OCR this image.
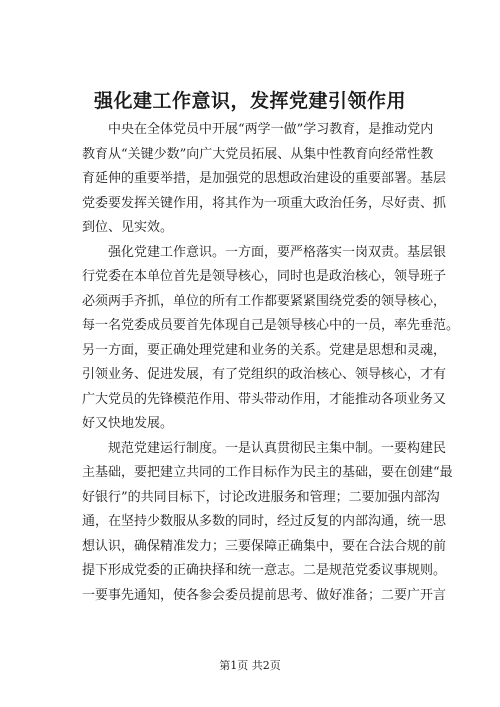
强化建工作意识，发挥党建引领作用

中央在全体党员中开展“两学一做”学习教育，是推动党内
教育从“关键少数”向广大党员拓展、从集中性教育向经常性教
育延伸的重要举措，是加强党的思想政治建设的重要部署。基层
党委要发挥关键作用，将其作为一项重大政治任务，尽好责、抓
到位、见实效。

强化党建工作意识。一方面，要严格落实一岗双责。基层银
行党委在本单位首先是领导核心，同时也是政治核心，领导班子
必须两手齐抓，单位的所有工作都要紧紧围绕党委的领导核心，
每一名党委成员要首先体现自己是领导核心中的一员，率先垂范。
另一方面，要正确处理党建和业务的关系。党建是思想和灵魂，
引领业务、促进发展，有了党组织的政治核心、领导核心，才有
广大党员的先锋模范作用、带头带动作用，才能推动各项业务又
好又快地发展。

规范党建运行制度。一是认真贯彻民主集中制。一要构建民
主基础，要把建立共同的工作目标作为民主的基础，要在创建“最
好银行”的共同目标下，讨论改进服务和管理；二要加强内部沟
通，在坚持少数服从多数的同时，经过反复的内部沟通，统一思
想认识，确保精准发力；三要保障正确集中，要在合法合规的前
提下形成党委的正确抉择和统一意志。二是规范党委议事规则。
一要事先通知，使各参会委员提前思考、做好准备；二要广开言

第1页 共2页
